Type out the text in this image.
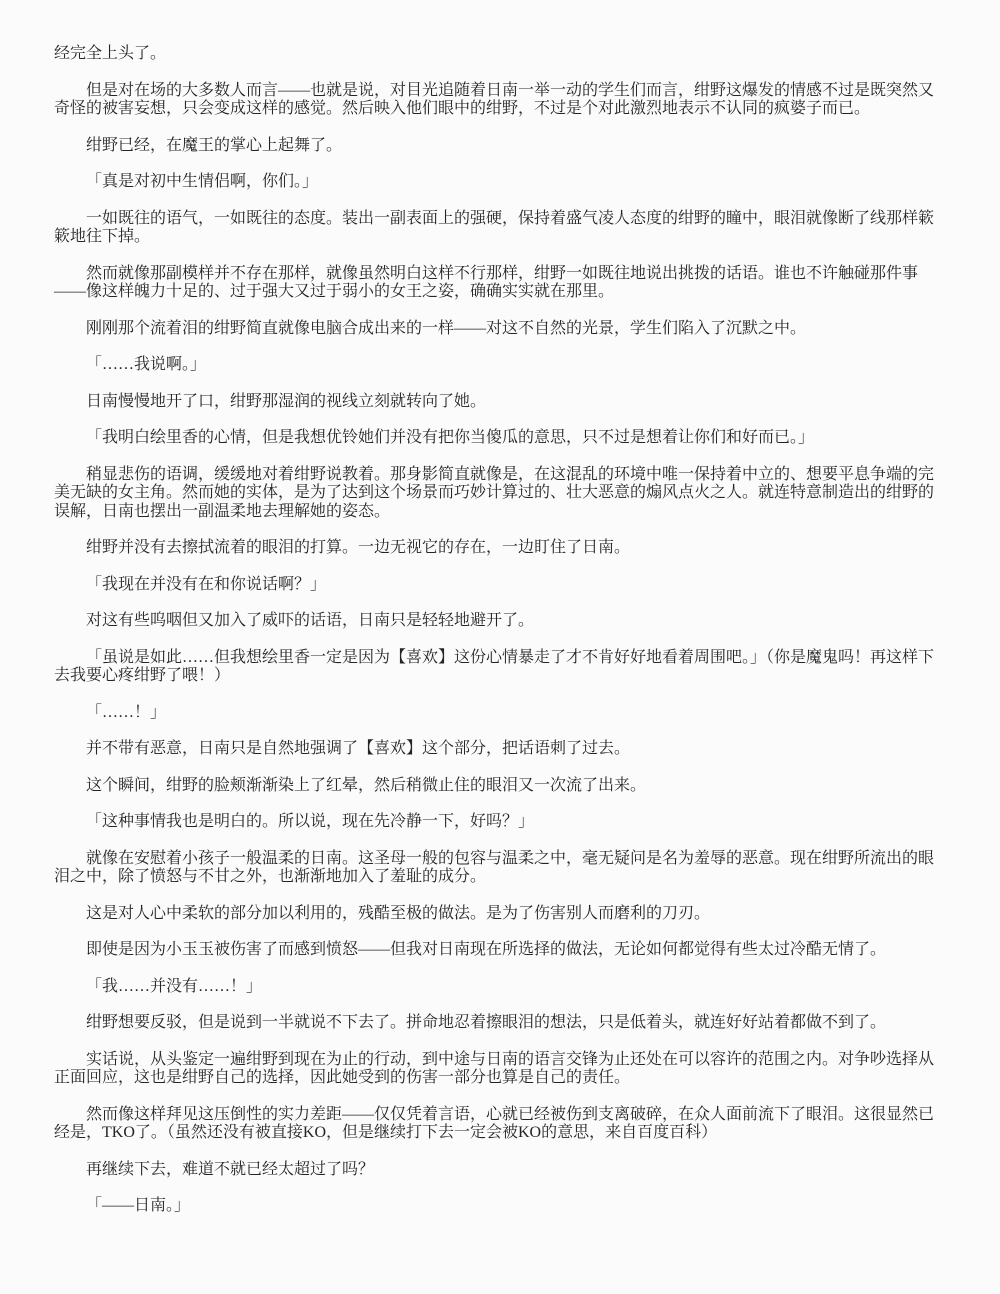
经完全上头了。

但是对在场的大多数人而言——也就是说，对目光追随着日南一举一动的学生们而言，绀野这爆发的情感不过是既突然又奇怪的被害妄想，只会变成这样的感觉。然后映入他们眼中的绀野，不过是个对此激烈地表示不认同的疯婆子而已。

绀野已经，在魔王的掌心上起舞了。

「真是对初中生情侣啊，你们。」

一如既往的语气，一如既往的态度。装出一副表面上的强硬，保持着盛气凌人态度的绀野的瞳中，眼泪就像断了线那样簌簌地往下掉。

然而就像那副模样并不存在那样，就像虽然明白这样不行那样，绀野一如既往地说出挑拨的话语。谁也不许触碰那件事——像这样魄力十足的、过于强大又过于弱小的女王之姿，确确实实就在那里。

刚刚那个流着泪的绀野简直就像电脑合成出来的一样——对这不自然的光景，学生们陷入了沉默之中。

「……我说啊。」

日南慢慢地开了口，绀野那湿润的视线立刻就转向了她。

「我明白绘里香的心情，但是我想优铃她们并没有把你当傻瓜的意思，只不过是想着让你们和好而已。」

稍显悲伤的语调，缓缓地对着绀野说教着。那身影简直就像是，在这混乱的环境中唯一保持着中立的、想要平息争端的完美无缺的女主角。然而她的实体，是为了达到这个场景而巧妙计算过的、壮大恶意的煽风点火之人。就连特意制造出的绀野的误解，日南也摆出一副温柔地去理解她的姿态。

绀野并没有去擦拭流着的眼泪的打算。一边无视它的存在，一边盯住了日南。

「我现在并没有在和你说话啊？」

对这有些呜咽但又加入了威吓的话语，日南只是轻轻地避开了。

「虽说是如此……但我想绘里香一定是因为【喜欢】这份心情暴走了才不肯好好地看着周围吧。」（你是魔鬼吗！再这样下去我要心疼绀野了喂！）

「……！」

并不带有恶意，日南只是自然地强调了【喜欢】这个部分，把话语刺了过去。

这个瞬间，绀野的脸颊渐渐染上了红晕，然后稍微止住的眼泪又一次流了出来。

「这种事情我也是明白的。所以说，现在先冷静一下，好吗？」

就像在安慰着小孩子一般温柔的日南。这圣母一般的包容与温柔之中，毫无疑问是名为羞辱的恶意。现在绀野所流出的眼泪之中，除了愤怒与不甘之外，也渐渐地加入了羞耻的成分。

这是对人心中柔软的部分加以利用的，残酷至极的做法。是为了伤害别人而磨利的刀刃。

即使是因为小玉玉被伤害了而感到愤怒——但我对日南现在所选择的做法，无论如何都觉得有些太过冷酷无情了。

「我……并没有……！」

绀野想要反驳，但是说到一半就说不下去了。拼命地忍着擦眼泪的想法，只是低着头，就连好好站着都做不到了。

实话说，从头鉴定一遍绀野到现在为止的行动，到中途与日南的语言交锋为止还处在可以容许的范围之内。对争吵选择从正面回应，这也是绀野自己的选择，因此她受到的伤害一部分也算是自己的责任。

然而像这样拜见这压倒性的实力差距——仅仅凭着言语，心就已经被伤到支离破碎，在众人面前流下了眼泪。这很显然已经是，TKO了。（虽然还没有被直接KO，但是继续打下去一定会被KO的意思，来自百度百科）

再继续下去，难道不就已经太超过了吗？

「——日南。」
